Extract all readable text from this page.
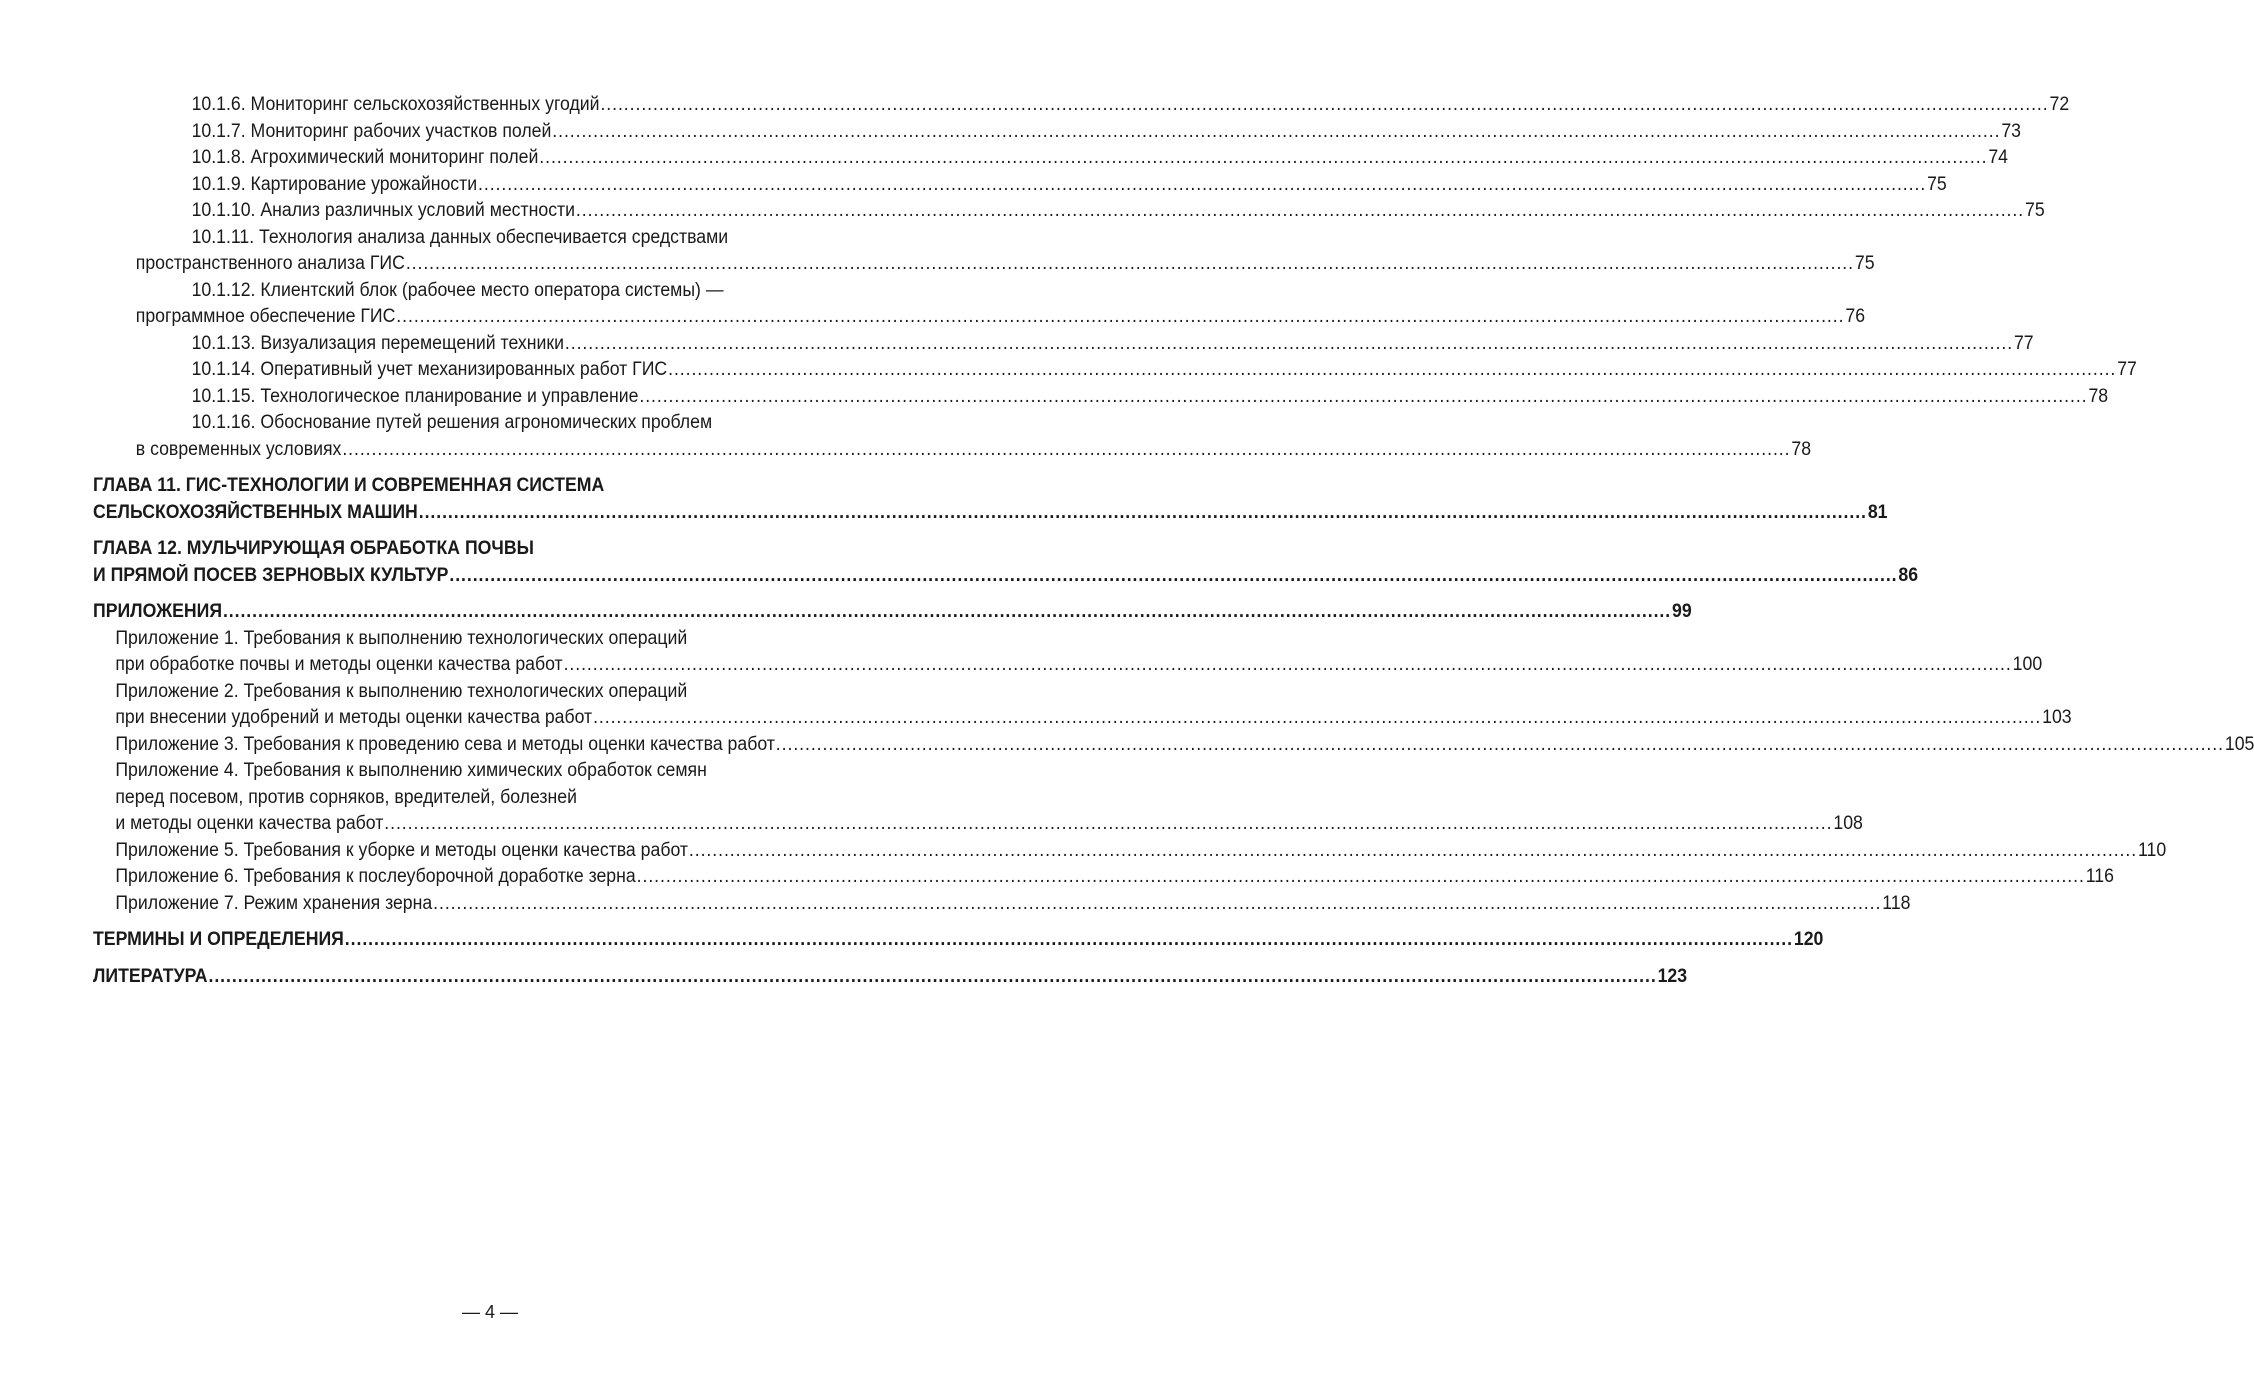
10.1.6. Мониторинг сельскохозяйственных угодий .....	72
10.1.7. Мониторинг рабочих участков полей .....	73
10.1.8. Агрохимический мониторинг полей .....	74
10.1.9. Картирование урожайности .....	75
10.1.10. Анализ различных условий местности .....	75
10.1.11. Технология анализа данных обеспечивается средствами
пространственного анализа ГИС .....	75
10.1.12. Клиентский блок (рабочее место оператора системы) —
программное обеспечение ГИС .....	76
10.1.13. Визуализация перемещений техники .....	77
10.1.14. Оперативный учет механизированных работ ГИС .....	77
10.1.15. Технологическое планирование и управление .....	78
10.1.16. Обоснование путей решения агрономических проблем
в современных условиях .....	78
ГЛАВА 11. ГИС-ТЕХНОЛОГИИ И СОВРЕМЕННАЯ СИСТЕМА
СЕЛЬСКОХОЗЯЙСТВЕННЫХ МАШИН .....	81
ГЛАВА 12. МУЛЬЧИРУЮЩАЯ ОБРАБОТКА ПОЧВЫ
И ПРЯМОЙ ПОСЕВ ЗЕРНОВЫХ КУЛЬТУР .....	86
ПРИЛОЖЕНИЯ .....	99
Приложение 1. Требования к выполнению технологических операций
при обработке почвы и методы оценки качества работ .....	100
Приложение 2. Требования к выполнению технологических операций
при внесении удобрений и методы оценки качества работ .....	103
Приложение 3. Требования к проведению сева и методы оценки качества работ .....	105
Приложение 4. Требования к выполнению химических обработок семян
перед посевом, против сорняков, вредителей, болезней
и методы оценки качества работ .....	108
Приложение 5. Требования к уборке и методы оценки качества работ .....	110
Приложение 6. Требования к послеуборочной доработке зерна .....	116
Приложение 7. Режим хранения зерна .....	118
ТЕРМИНЫ И ОПРЕДЕЛЕНИЯ .....	120
ЛИТЕРАТУРА .....	123
— 4 —
